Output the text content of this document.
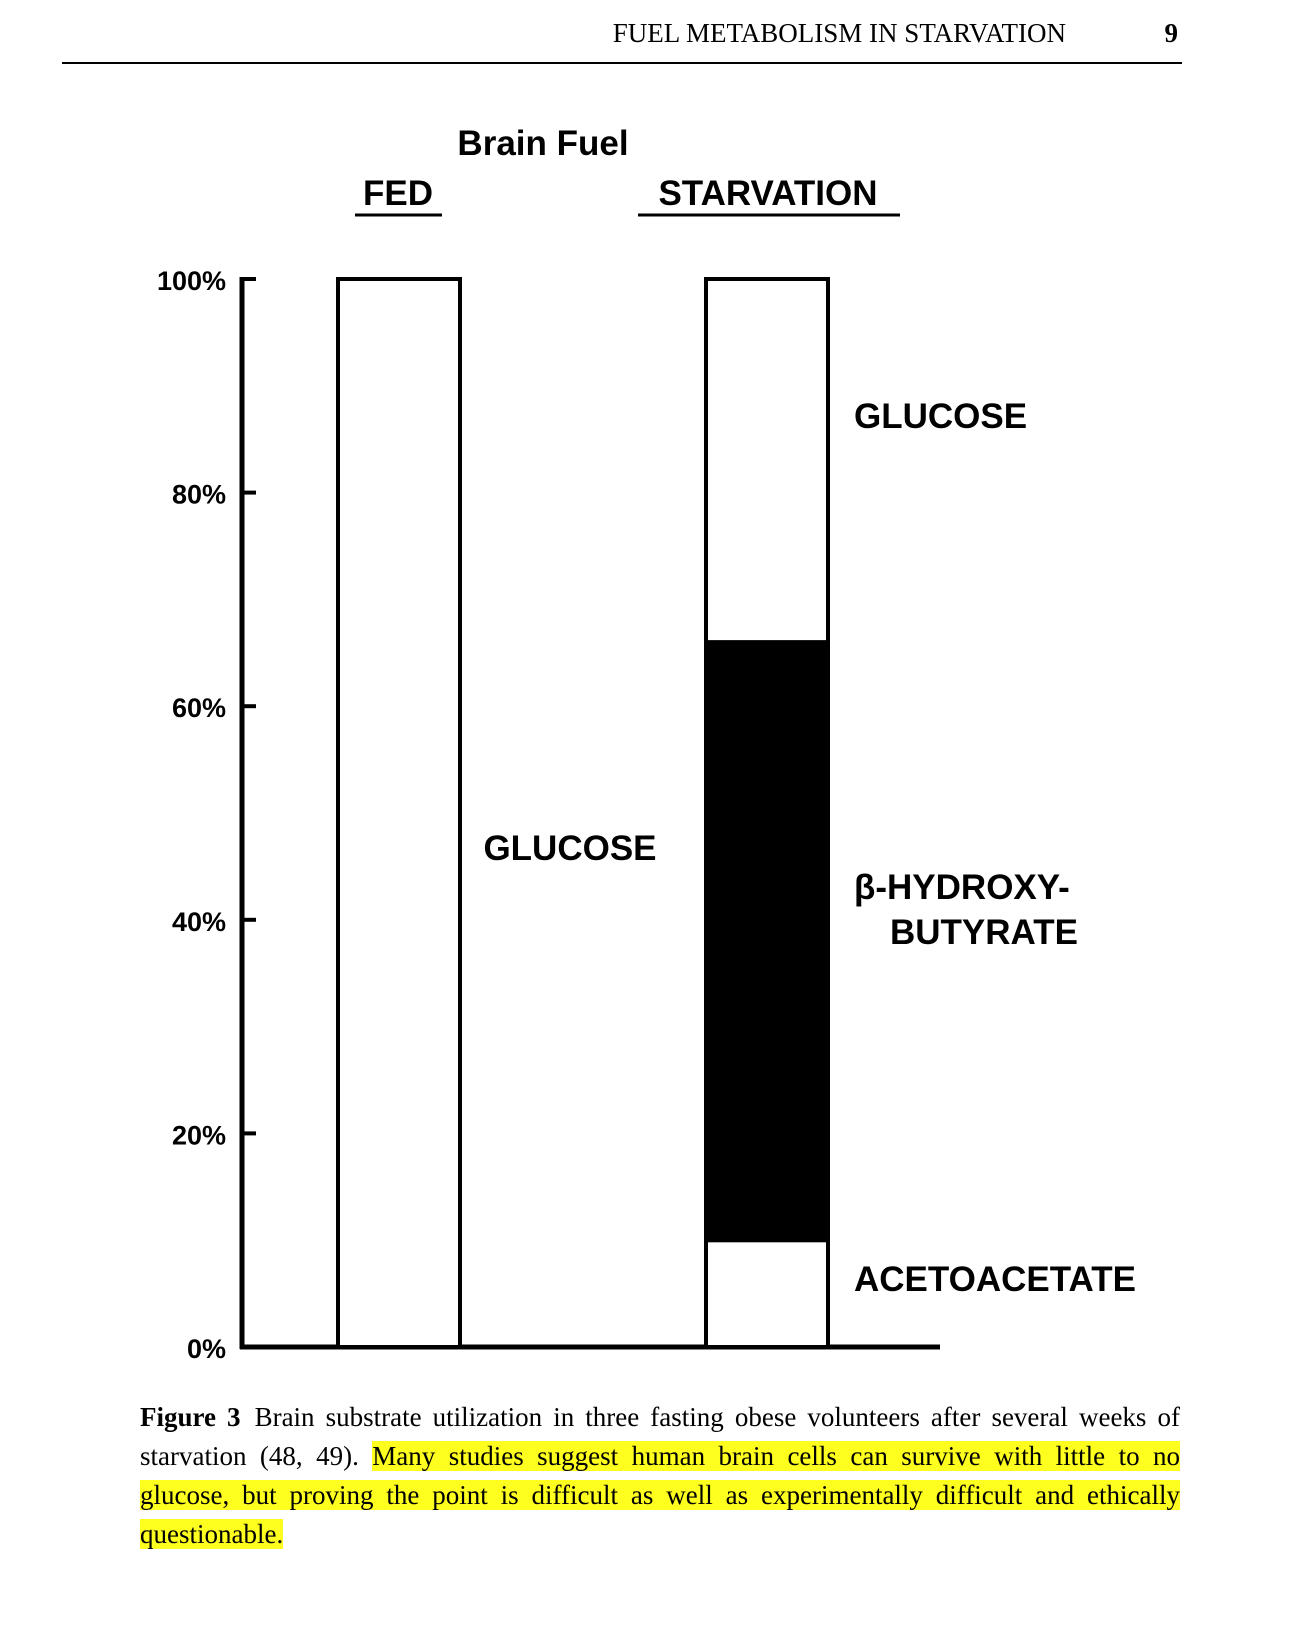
FUEL METABOLISM IN STARVATION	9
Brain Fuel
FED	STARVATION
0%
20%
40%
60%
80%
100%
GLUCOSE
GLUCOSE
β-HYDROXY-
BUTYRATE
ACETOACETATE
Figure 3 Brain substrate utilization in three fasting obese volunteers after several weeks of starvation (48, 49). Many studies suggest human brain cells can survive with little to no glucose, but proving the point is difficult as well as experimentally difficult and ethically questionable.
